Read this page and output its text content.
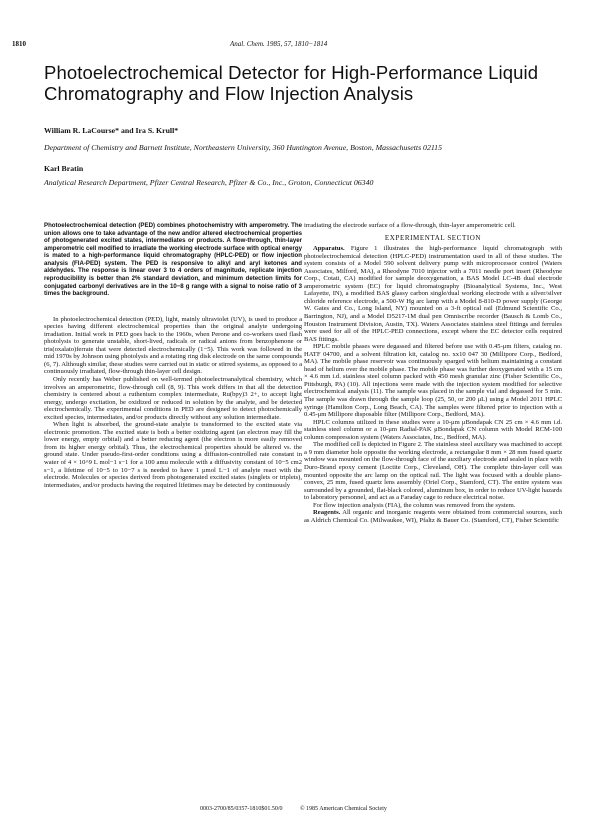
1810	Anal. Chem. 1985, 57, 1810−1814
Photoelectrochemical Detector for High-Performance Liquid Chromatography and Flow Injection Analysis

William R. LaCourse* and Ira S. Krull*

Department of Chemistry and Barnett Institute, Northeastern University, 360 Huntington Avenue, Boston, Massachusetts 02115

Karl Bratin

Analytical Research Department, Pfizer Central Research, Pfizer & Co., Inc., Groton, Connecticut 06340

Photoelectrochemical detection (PED) combines photochemistry with amperometry. The union allows one to take advantage of the new and/or altered electrochemical properties of photogenerated excited states, intermediates or products. A flow-through, thin-layer amperometric cell modified to irradiate the working electrode surface with optical energy is mated to a high-performance liquid chromatography (HPLC-PED) or flow injection analysis (FIA-PED) system. The PED is responsive to alkyl and aryl ketones and aldehydes. The response is linear over 3 to 4 orders of magnitude, replicate injection reproducibility is better than 2% standard deviation, and minimum detection limits for conjugated carbonyl derivatives are in the 10−8 g range with a signal to noise ratio of 3 times the background.

In photoelectrochemical detection (PED), light, mainly ultraviolet (UV), is used to produce a species having different electrochemical properties than the original analyte undergoing irradiation. Initial work in PED goes back to the 1960s, when Perone and co-workers used flash photolysis to generate unstable, short-lived, radicals or radical anions from benzophenone or tris(oxalato)ferrate that were detected electrochemically (1−5). This work was followed in the mid 1970s by Johnson using photolysis and a rotating ring disk electrode on the same compounds (6, 7). Although similar, these studies were carried out in static or stirred systems, as opposed to a continuously irradiated, flow-through thin-layer cell design.

Only recently has Weber published on well-termed photoelectroanalytical chemistry, which involves an amperometric, flow-through cell (8, 9). This work differs in that all the detection chemistry is centered about a ruthenium complex intermediate, Ru(bpy)3 2+, to accept light energy, undergo excitation, be oxidized or reduced in solution by the analyte, and be detected electrochemically. The experimental conditions in PED are designed to detect photochemically excited species, intermediates, and/or products directly without any solution intermediate.

When light is absorbed, the ground-state analyte is transformed to the excited state via electronic promotion. The excited state is both a better oxidizing agent (an electron may fill the lower energy, empty orbital) and a better reducing agent (the electron is more easily removed from its higher energy orbital). Thus, the electrochemical properties should be altered vs. the ground state. Under pseudo-first-order conditions using a diffusion-controlled rate constant in water of 4 × 10^9 L mol−1 s−1 for a 100 amu molecule with a diffusivity constant of 10−5 cm2 s−1, a lifetime of 10−5 to 10−7 s is needed to have 1 μmol L−1 of analyte react with the electrode. Molecules or species derived from photogenerated excited states (singlets or triplets), intermediates, and/or products having the required lifetimes may be detected by continuously

irradiating the electrode surface of a flow-through, thin-layer amperometric cell.

EXPERIMENTAL SECTION

Apparatus. Figure 1 illustrates the high-performance liquid chromatograph with photoelectrochemical detection (HPLC-PED) instrumentation used in all of these studies. The system consists of a Model 590 solvent delivery pump with microprocessor control (Waters Associates, Milford, MA), a Rheodyne 7010 injector with a 7011 needle port insert (Rheodyne Corp., Cotati, CA) modified for sample deoxygenation, a BAS Model LC-4B dual electrode amperometric system (EC) for liquid chromatography (Bioanalytical Systems, Inc., West Lafayette, IN), a modified BAS glassy carbon single/dual working electrode with a silver/silver chloride reference electrode, a 500-W Hg arc lamp with a Model 8-810-D power supply (George W. Gates and Co., Long Island, NY) mounted on a 3-ft optical rail (Edmund Scientific Co., Barrington, NJ), and a Model D5217-1M dual pen Omniscribe recorder (Bausch & Lomb Co., Houston Instrument Division, Austin, TX). Waters Associates stainless steel fittings and ferrules were used for all of the HPLC-PED connections, except where the EC detector cells required BAS fittings.

HPLC mobile phases were degassed and filtered before use with 0.45-μm filters, catalog no. HATF 04700, and a solvent filtration kit, catalog no. xx10 047 30 (Millipore Corp., Bedford, MA). The mobile phase reservoir was continuously sparged with helium maintaining a constant head of helium over the mobile phase. The mobile phase was further deoxygenated with a 15 cm × 4.6 mm i.d. stainless steel column packed with 450 mesh granular zinc (Fisher Scientific Co., Pittsburgh, PA) (10). All injections were made with the injection system modified for selective electrochemical analysis (11). The sample was placed in the sample vial and degassed for 5 min. The sample was drawn through the sample loop (25, 50, or 200 μL) using a Model 2011 HPLC syringe (Hamilton Corp., Long Beach, CA). The samples were filtered prior to injection with a 0.45-μm Millipore disposable filter (Millipore Corp., Bedford, MA).

HPLC columns utilized in these studies were a 10-μm μBondapak CN 25 cm × 4.6 mm i.d. stainless steel column or a 10-μm Radial-PAK μBondapak CN column with Model RCM-100 column compression system (Waters Associates, Inc., Bedford, MA).

The modified cell is depicted in Figure 2. The stainless steel auxiliary was machined to accept a 9 mm diameter hole opposite the working electrode, a rectangular 8 mm × 28 mm fused quartz window was mounted on the flow-through face of the auxiliary electrode and sealed in place with Duro-Brand epoxy cement (Loctite Corp., Cleveland, OH). The complete thin-layer cell was mounted opposite the arc lamp on the optical rail. The light was focused with a double plano-convex, 25 mm, fused quartz lens assembly (Oriel Corp., Stamford, CT). The entire system was surrounded by a grounded, flat-black colored, aluminum box, in order to reduce UV-light hazards to laboratory personnel, and act as a Faraday cage to reduce electrical noise.

For flow injection analysis (FIA), the column was removed from the system.

Reagents. All organic and inorganic reagents were obtained from commercial sources, such as Aldrich Chemical Co. (Milwaukee, WI), Pfaltz & Bauer Co. (Stamford, CT), Fisher Scientific

0003-2700/85/0357-1810$01.50/0	© 1985 American Chemical Society
